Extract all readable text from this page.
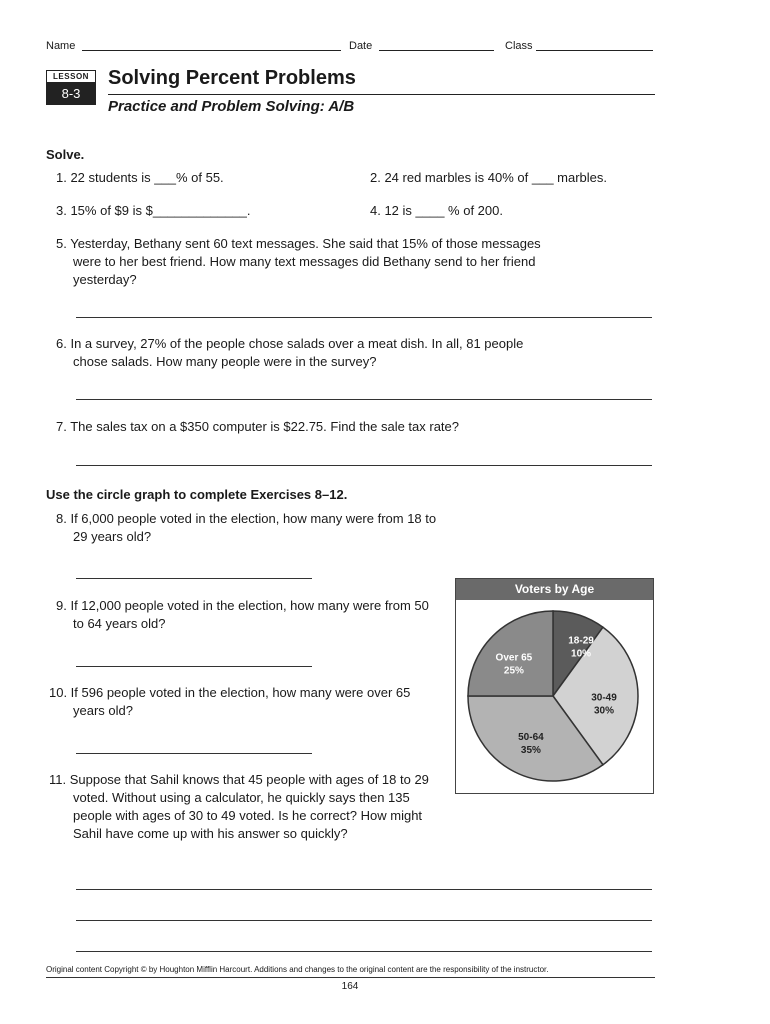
Name	Date	Class
LESSON
8-3
Solving Percent Problems
Practice and Problem Solving: A/B
Solve.
1. 22 students is ___% of 55.	2. 24 red marbles is 40% of ___ marbles.
3. 15% of $9 is $_____________.	4. 12 is ____ % of 200.
5. Yesterday, Bethany sent 60 text messages. She said that 15% of those messages were to her best friend. How many text messages did Bethany send to her friend yesterday?
6. In a survey, 27% of the people chose salads over a meat dish. In all, 81 people chose salads. How many people were in the survey?
7. The sales tax on a $350 computer is $22.75. Find the sale tax rate?
Use the circle graph to complete Exercises 8–12.
8. If 6,000 people voted in the election, how many were from 18 to 29 years old?
9. If 12,000 people voted in the election, how many were from 50 to 64 years old?
10. If 596 people voted in the election, how many were over 65 years old?
11. Suppose that Sahil knows that 45 people with ages of 18 to 29 voted. Without using a calculator, he quickly says then 135 people with ages of 30 to 49 voted. Is he correct? How might Sahil have come up with his answer so quickly?
Voters by Age
18-29
10%
30-49
30%
50-64
35%
Over 65
25%
Original content Copyright © by Houghton Mifflin Harcourt. Additions and changes to the original content are the responsibility of the instructor.
164
